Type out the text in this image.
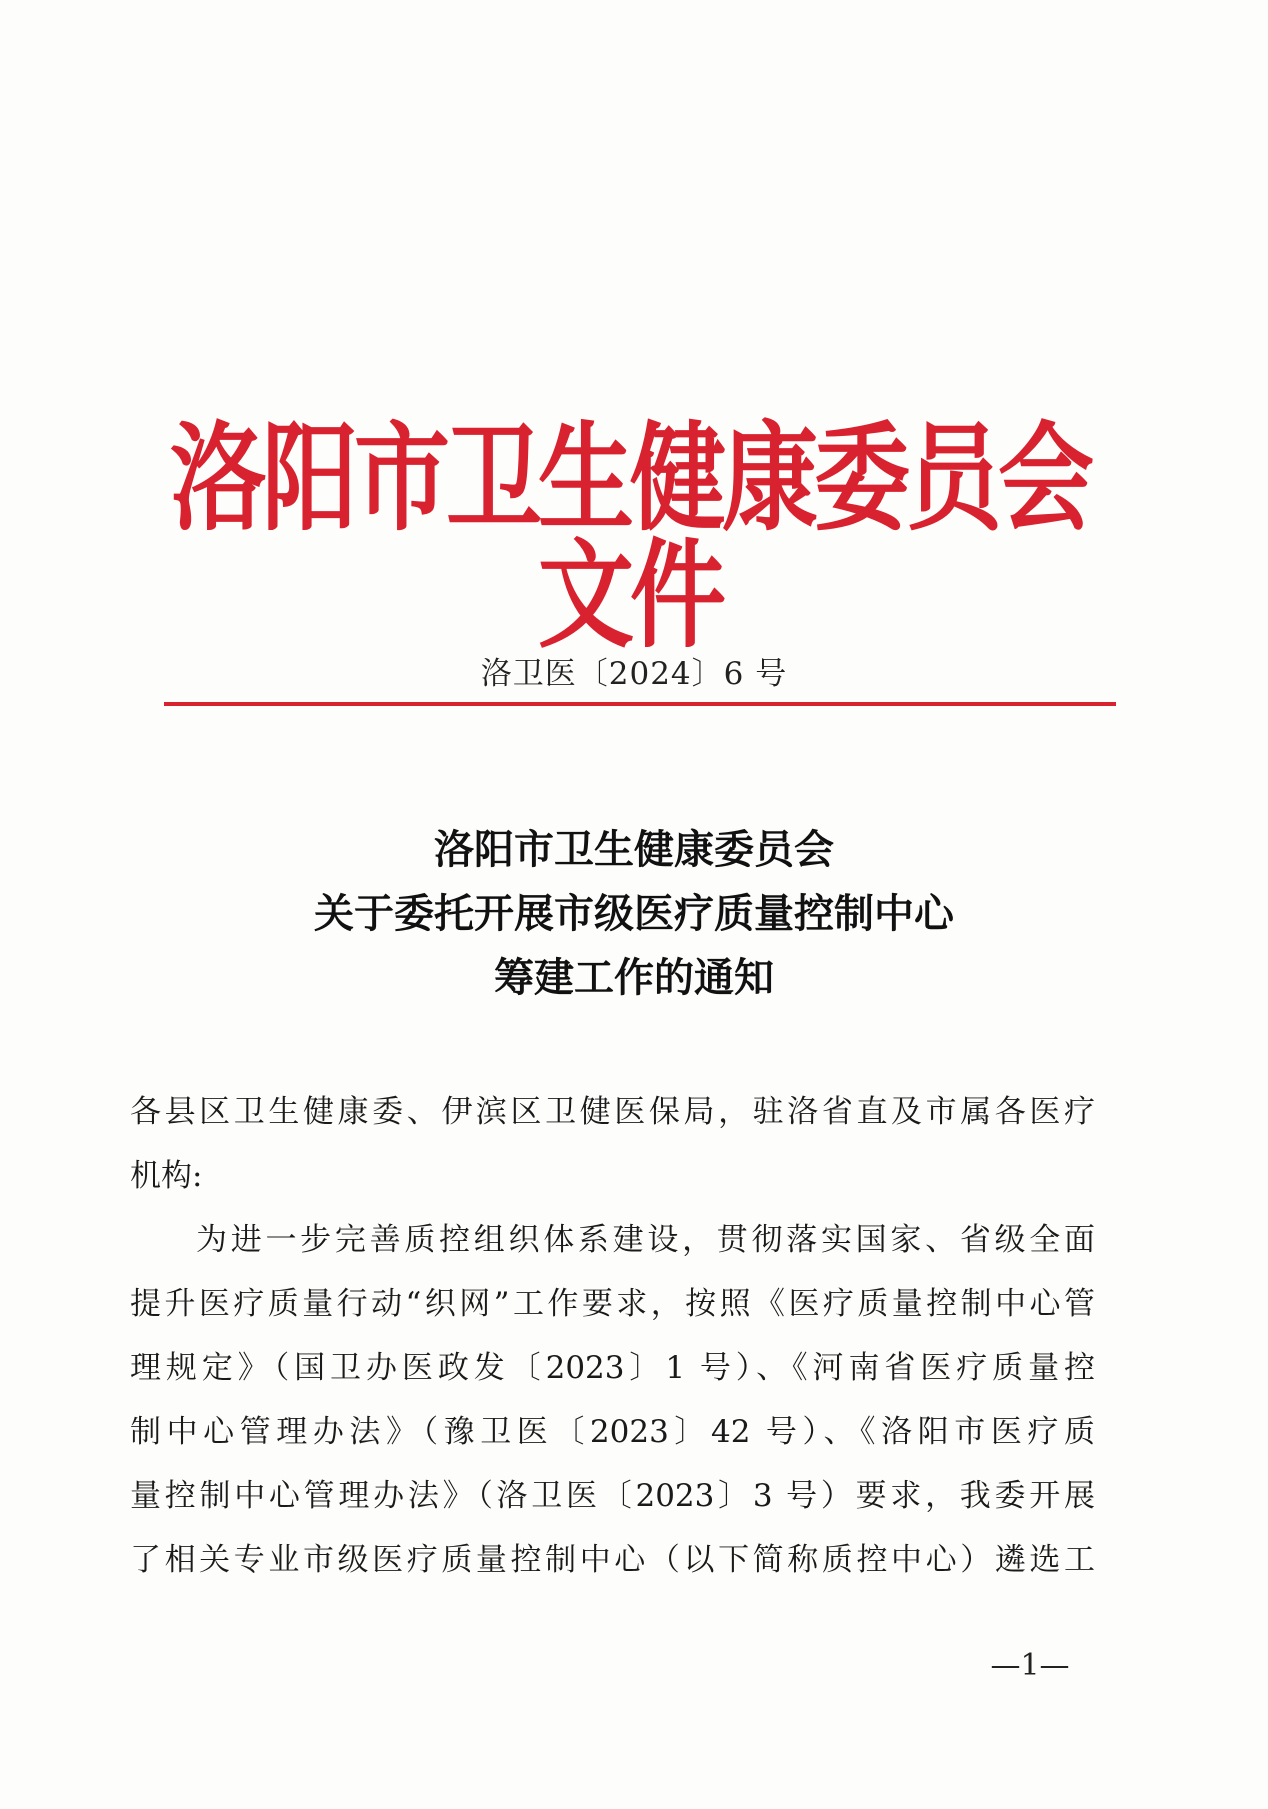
洛阳市卫生健康委员会文件
洛卫医〔2024〕6 号
洛阳市卫生健康委员会
关于委托开展市级医疗质量控制中心
筹建工作的通知
各县区卫生健康委、伊滨区卫健医保局，驻洛省直及市属各医疗
机构:
为进一步完善质控组织体系建设，贯彻落实国家、省级全面
提升医疗质量行动“织网”工作要求，按照《医疗质量控制中心管
理规定》（国卫办医政发〔2023〕1 号）、《河南省医疗质量控
制中心管理办法》（豫卫医〔2023〕42 号）、《洛阳市医疗质
量控制中心管理办法》（洛卫医〔2023〕3 号）要求，我委开展
了相关专业市级医疗质量控制中心（以下简称质控中心）遴选工
—1—
